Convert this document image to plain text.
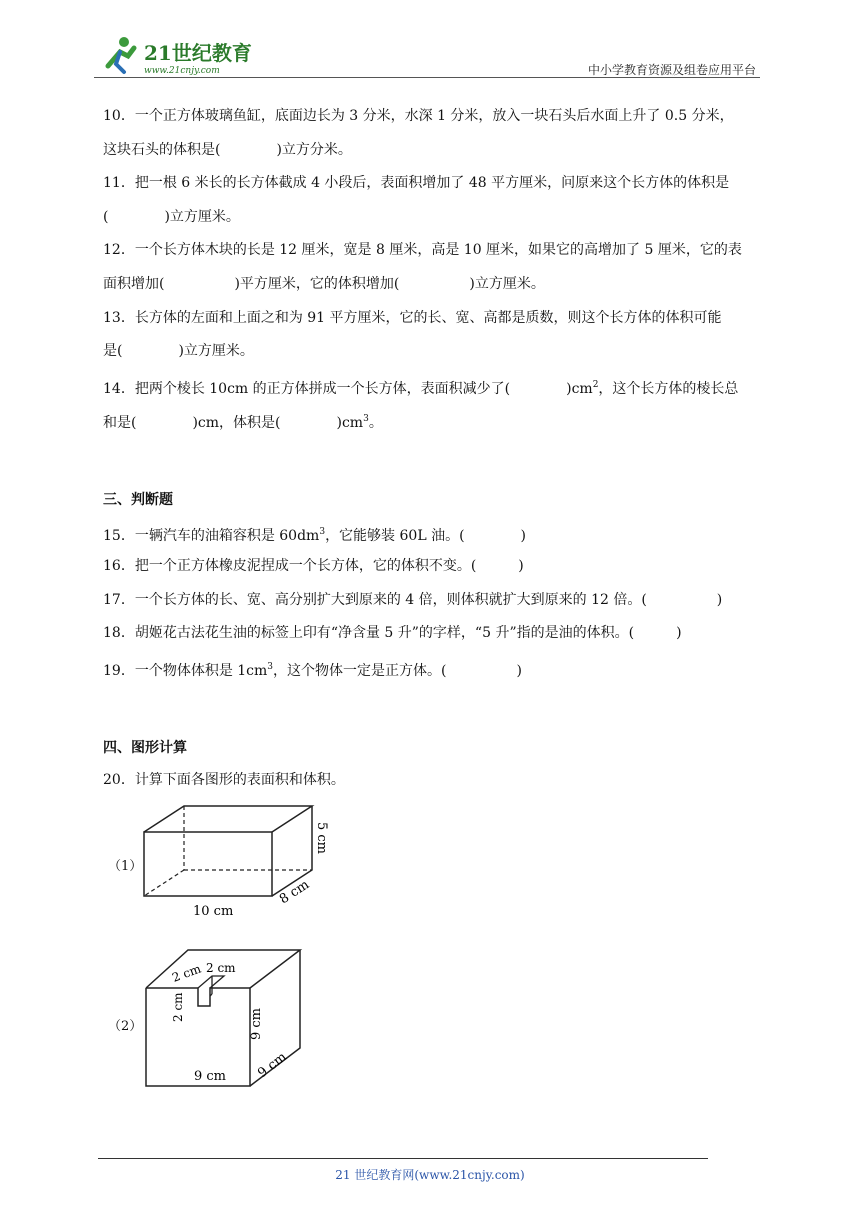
21世纪教育
www.21cnjy.com	中小学教育资源及组卷应用平台
10．一个正方体玻璃鱼缸，底面边长为 3 分米，水深 1 分米，放入一块石头后水面上升了 0.5 分米，
这块石头的体积是(　　　　)立方分米。
11．把一根 6 米长的长方体截成 4 小段后，表面积增加了 48 平方厘米，问原来这个长方体的体积是
(　　　　)立方厘米。
12．一个长方体木块的长是 12 厘米，宽是 8 厘米，高是 10 厘米，如果它的高增加了 5 厘米，它的表
面积增加(　　　　　)平方厘米，它的体积增加(　　　　　)立方厘米。
13．长方体的左面和上面之和为 91 平方厘米，它的长、宽、高都是质数，则这个长方体的体积可能
是(　　　　)立方厘米。
14．把两个棱长 10cm 的正方体拼成一个长方体，表面积减少了(　　　　)$cm^2$，这个长方体的棱长总
和是(　　　　)cm，体积是(　　　　)$cm^3$。
三、判断题
15．一辆汽车的油箱容积是 $60dm^3$，它能够装 60L 油。(　　　　)
16．把一个正方体橡皮泥捏成一个长方体，它的体积不变。(　　　)
17．一个长方体的长、宽、高分别扩大到原来的 4 倍，则体积就扩大到原来的 12 倍。(　　　　　)
18．胡姬花古法花生油的标签上印有“净含量 5 升”的字样，“5 升”指的是油的体积。(　　　)
19．一个物体体积是 $1cm^3$，这个物体一定是正方体。(　　　　　)
四、图形计算
20．计算下面各图形的表面积和体积。
（1）
10 cm
8 cm
5 cm
（2）
2 cm 2 cm
2 cm
9 cm
9 cm
9 cm
21 世纪教育网(www.21cnjy.com)
